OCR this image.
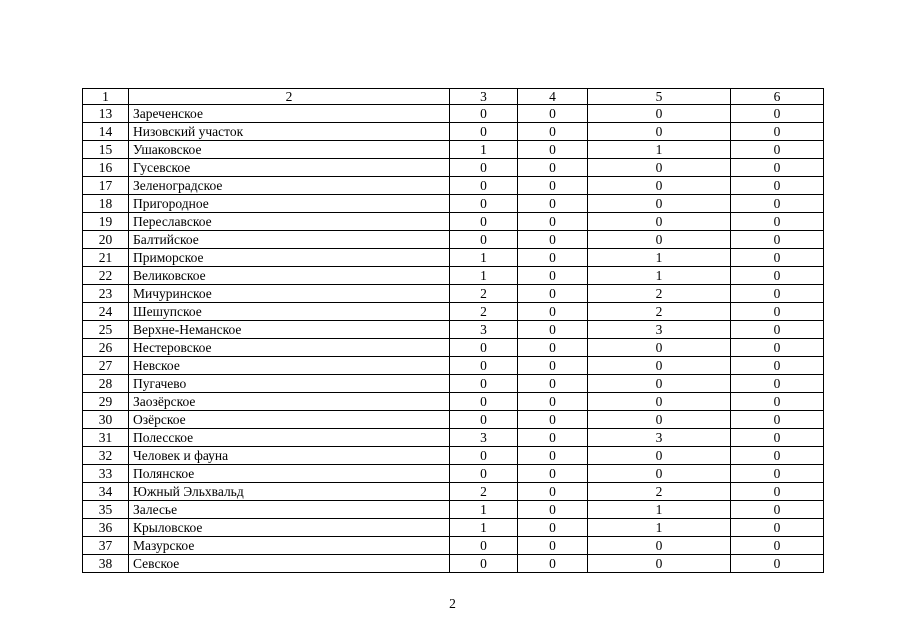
1	2	3	4	5	6
13	Зареченское	0	0	0	0
14	Низовский участок	0	0	0	0
15	Ушаковское	1	0	1	0
16	Гусевское	0	0	0	0
17	Зеленоградское	0	0	0	0
18	Пригородное	0	0	0	0
19	Переславское	0	0	0	0
20	Балтийское	0	0	0	0
21	Приморское	1	0	1	0
22	Великовское	1	0	1	0
23	Мичуринское	2	0	2	0
24	Шешупское	2	0	2	0
25	Верхне-Неманское	3	0	3	0
26	Нестеровское	0	0	0	0
27	Невское	0	0	0	0
28	Пугачево	0	0	0	0
29	Заозёрское	0	0	0	0
30	Озёрское	0	0	0	0
31	Полесское	3	0	3	0
32	Человек и фауна	0	0	0	0
33	Полянское	0	0	0	0
34	Южный Эльхвальд	2	0	2	0
35	Залесье	1	0	1	0
36	Крыловское	1	0	1	0
37	Мазурское	0	0	0	0
38	Севское	0	0	0	0
2
